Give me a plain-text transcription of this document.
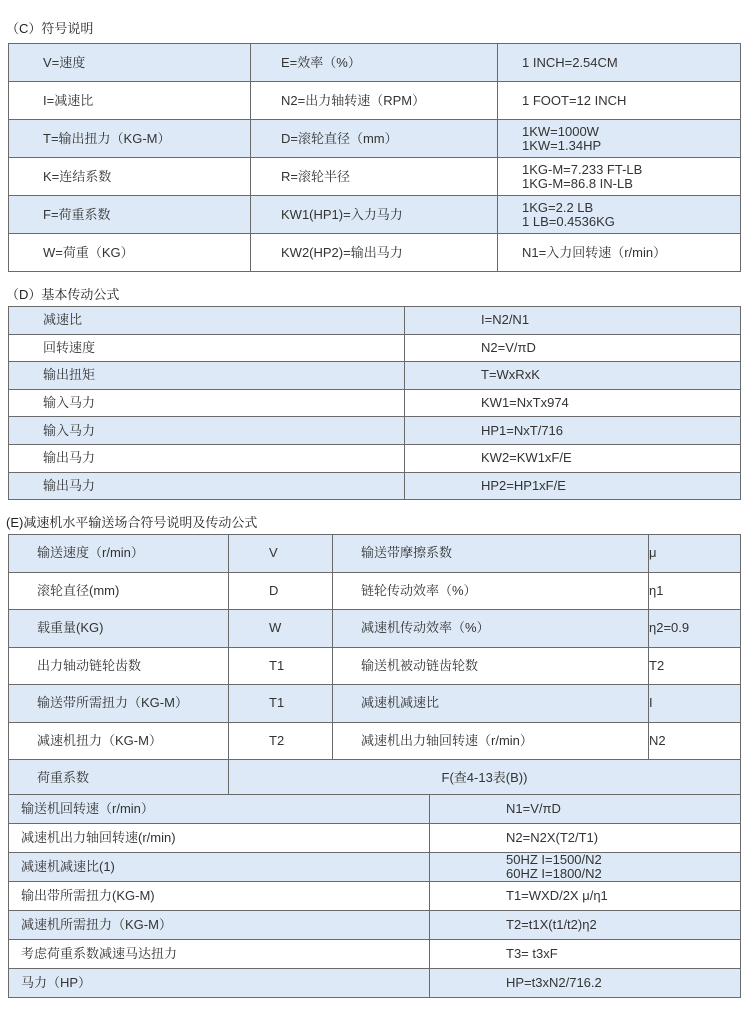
（C）符号说明
V=速度	E=效率（%）	1 INCH=2.54CM
I=减速比	N2=出力轴转速（RPM）	1 FOOT=12 INCH
T=输出扭力（KG-M）	D=滚轮直径（mm）	1KW=1000W
1KW=1.34HP

K=连结系数	R=滚轮半径	1KG-M=7.233 FT-LB
1KG-M=86.8 IN-LB

F=荷重系数	KW1(HP1)=入力马力	1KG=2.2 LB
1 LB=0.4536KG

W=荷重（KG）	KW2(HP2)=输出马力	N1=入力回转速（r/min）
（D）基本传动公式
减速比	I=N2/N1
回转速度	N2=V/πD
输出扭矩	T=WxRxK
输入马力	KW1=NxTx974
输入马力	HP1=NxT/716
输出马力	KW2=KW1xF/E
输出马力	HP2=HP1xF/E
(E)减速机水平输送场合符号说明及传动公式
输送速度（r/min）	V	输送带摩擦系数	μ
滚轮直径(mm)	D	链轮传动效率（%）	η1
载重量(KG)	W	减速机传动效率（%）	η2=0.9
出力轴动链轮齿数	T1	输送机被动链齿轮数	T2
输送带所需扭力（KG-M）	T1	减速机减速比	I
减速机扭力（KG-M）	T2	减速机出力轴回转速（r/min）	N2
荷重系数	F(查4-13表(B))		
输送机回转速（r/min）	N1=V/πD
减速机出力轴回转速(r/min)	N2=N2X(T2/T1)
减速机减速比(1)	50HZ I=1500/N2
60HZ I=1800/N2

输出带所需扭力(KG-M)	T1=WXD/2X μ/η1
减速机所需扭力（KG-M）	T2=t1X(t1/t2)η2
考虑荷重系数减速马达扭力	T3= t3xF
马力（HP）	HP=t3xN2/716.2
